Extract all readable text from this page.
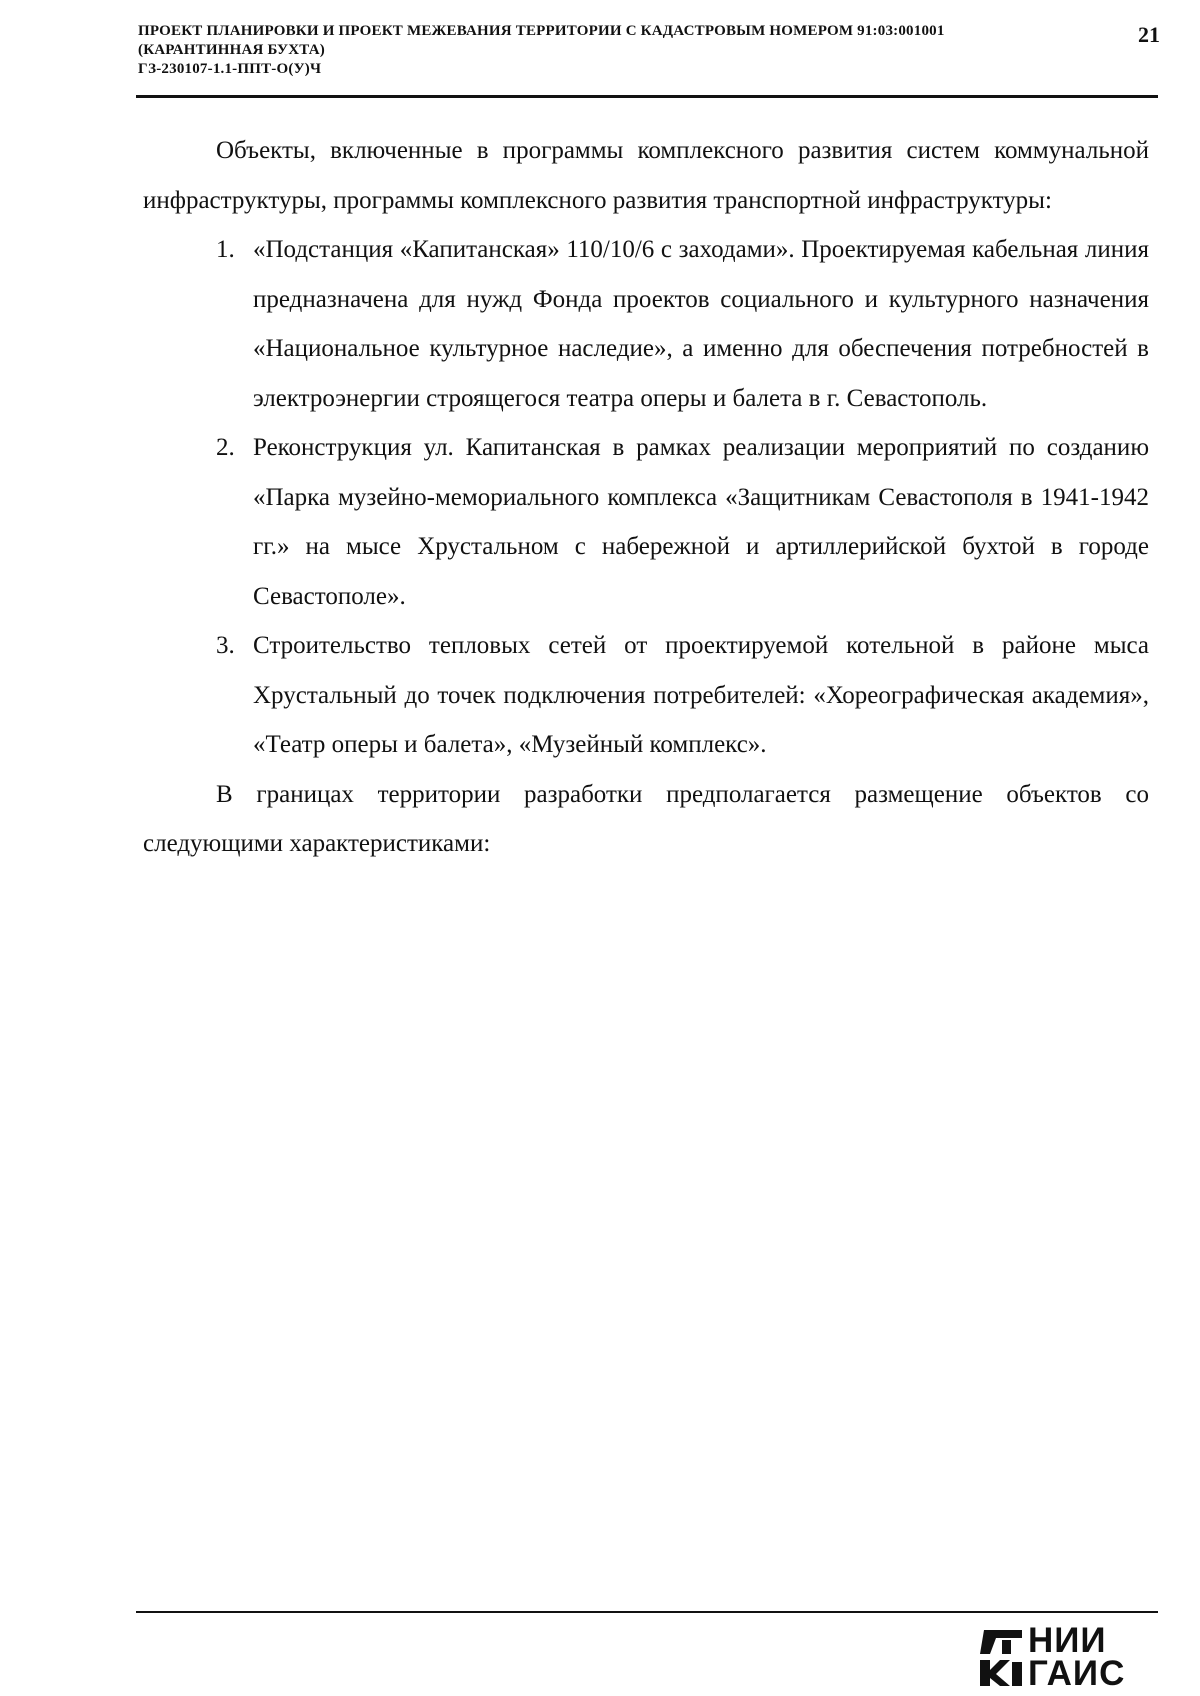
ПРОЕКТ ПЛАНИРОВКИ И ПРОЕКТ МЕЖЕВАНИЯ ТЕРРИТОРИИ С КАДАСТРОВЫМ НОМЕРОМ 91:03:001001
(КАРАНТИННАЯ БУХТА)
ГЗ-230107-1.1-ППТ-О(У)Ч
21

Объекты, включенные в программы комплексного развития систем коммунальной инфраструктуры, программы комплексного развития транспортной инфраструктуры:

1. «Подстанция «Капитанская» 110/10/6 с заходами». Проектируемая кабельная линия предназначена для нужд Фонда проектов социального и культурного назначения «Национальное культурное наследие», а именно для обеспечения потребностей в электроэнергии строящегося театра оперы и балета в г. Севастополь.
2. Реконструкция ул. Капитанская в рамках реализации мероприятий по созданию «Парка музейно-мемориального комплекса «Защитникам Севастополя в 1941-1942 гг.» на мысе Хрустальном с набережной и артиллерийской бухтой в городе Севастополе».
3. Строительство тепловых сетей от проектируемой котельной в районе мыса Хрустальный до точек подключения потребителей: «Хореографическая академия», «Театр оперы и балета», «Музейный комплекс».

В границах территории разработки предполагается размещение объектов со следующими характеристиками:

НИИ
ГАИС
